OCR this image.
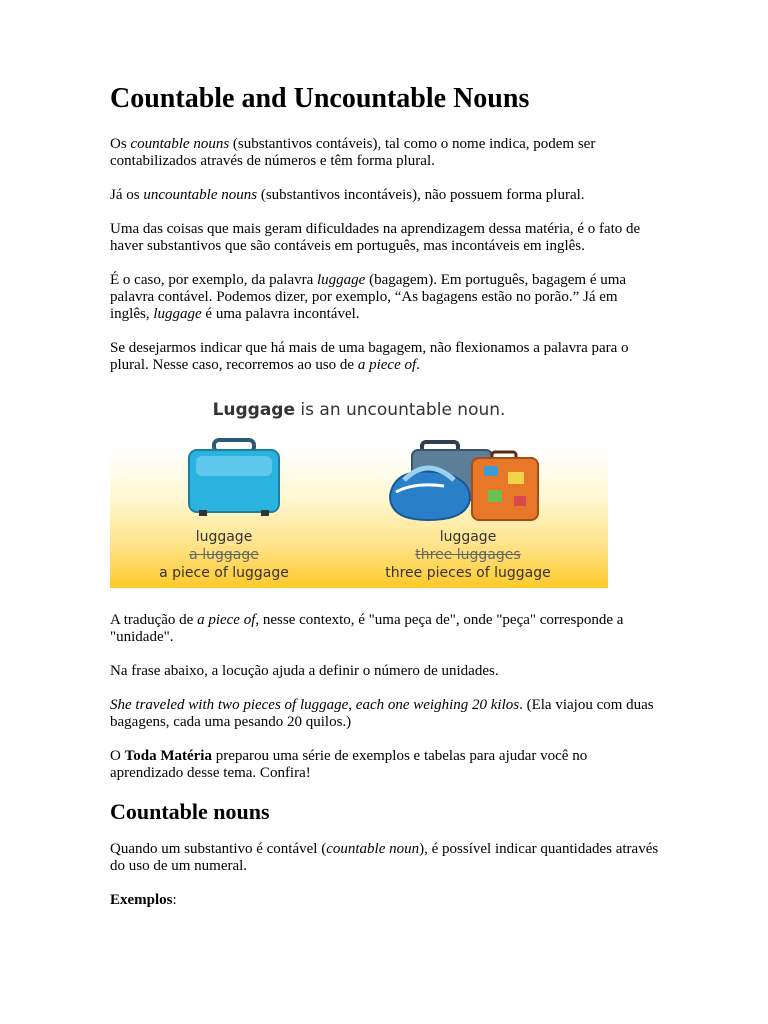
Countable and Uncountable Nouns

Os countable nouns (substantivos contáveis), tal como o nome indica, podem ser contabilizados através de números e têm forma plural.

Já os uncountable nouns (substantivos incontáveis), não possuem forma plural.

Uma das coisas que mais geram dificuldades na aprendizagem dessa matéria, é o fato de haver substantivos que são contáveis em português, mas incontáveis em inglês.

É o caso, por exemplo, da palavra luggage (bagagem). Em português, bagagem é uma palavra contável. Podemos dizer, por exemplo, “As bagagens estão no porão.” Já em inglês, luggage é uma palavra incontável.

Se desejarmos indicar que há mais de uma bagagem, não flexionamos a palavra para o plural. Nesse caso, recorremos ao uso de a piece of.

Luggage is an uncountable noun.
luggage
a luggage
a piece of luggage
luggage
three luggages
three pieces of luggage

A tradução de a piece of, nesse contexto, é "uma peça de", onde "peça" corresponde a "unidade".

Na frase abaixo, a locução ajuda a definir o número de unidades.

She traveled with two pieces of luggage, each one weighing 20 kilos. (Ela viajou com duas bagagens, cada uma pesando 20 quilos.)

O Toda Matéria preparou uma série de exemplos e tabelas para ajudar você no aprendizado desse tema. Confira!

Countable nouns

Quando um substantivo é contável (countable noun), é possível indicar quantidades através do uso de um numeral.

Exemplos:
